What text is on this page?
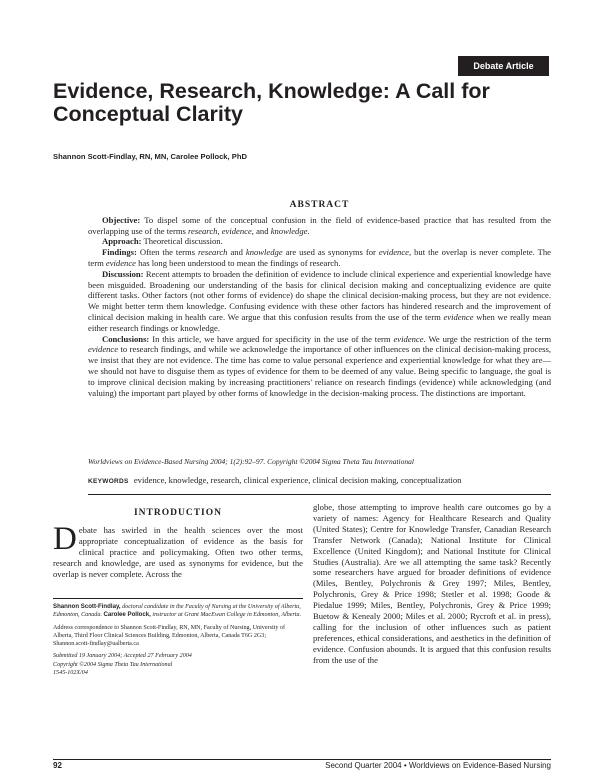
Debate Article
Evidence, Research, Knowledge: A Call for Conceptual Clarity
Shannon Scott-Findlay, RN, MN, Carolee Pollock, PhD
ABSTRACT

Objective: To dispel some of the conceptual confusion in the field of evidence-based practice that has resulted from the overlapping use of the terms research, evidence, and knowledge.

Approach: Theoretical discussion.

Findings: Often the terms research and knowledge are used as synonyms for evidence, but the overlap is never complete. The term evidence has long been understood to mean the findings of research.

Discussion: Recent attempts to broaden the definition of evidence to include clinical experience and experiential knowledge have been misguided. Broadening our understanding of the basis for clinical decision making and conceptualizing evidence are quite different tasks. Other factors (not other forms of evidence) do shape the clinical decision-making process, but they are not evidence. We might better term them knowledge. Confusing evidence with these other factors has hindered research and the improvement of clinical decision making in health care. We argue that this confusion results from the use of the term evidence when we really mean either research findings or knowledge.

Conclusions: In this article, we have argued for specificity in the use of the term evidence. We urge the restriction of the term evidence to research findings, and while we acknowledge the importance of other influences on the clinical decision-making process, we insist that they are not evidence. The time has come to value personal experience and experiential knowledge for what they are—we should not have to disguise them as types of evidence for them to be deemed of any value. Being specific to language, the goal is to improve clinical decision making by increasing practitioners' reliance on research findings (evidence) while acknowledging (and valuing) the important part played by other forms of knowledge in the decision-making process. The distinctions are important.

Worldviews on Evidence-Based Nursing 2004; 1(2):92–97. Copyright ©2004 Sigma Theta Tau International
KEYWORDS evidence, knowledge, research, clinical experience, clinical decision making, conceptualization
INTRODUCTION
D ebate has swirled in the health sciences over the most appropriate conceptualization of evidence as the basis for clinical practice and policymaking. Often two other terms, research and knowledge, are used as synonyms for evidence, but the overlap is never complete. Across the

Shannon Scott-Findlay, doctoral candidate in the Faculty of Nursing at the University of Alberta, Edmonton, Canada. Carolee Pollock, instructor at Grant MacEwan College in Edmonton, Alberta.

Address correspondence to Shannon Scott-Findlay, RN, MN, Faculty of Nursing, University of Alberta, Third Floor Clinical Sciences Building, Edmonton, Alberta, Canada T6G 2G3; Shannon.scott-findlay@ualberta.ca

Submitted 19 January 2004; Accepted 27 February 2004
Copyright ©2004 Sigma Theta Tau International
1545-102X/04

globe, those attempting to improve health care outcomes go by a variety of names: Agency for Healthcare Research and Quality (United States); Centre for Knowledge Transfer, Canadian Research Transfer Network (Canada); National Institute for Clinical Excellence (United Kingdom); and National Institute for Clinical Studies (Australia). Are we all attempting the same task? Recently some researchers have argued for broader definitions of evidence (Miles, Bentley, Polychronis & Grey 1997; Miles, Bentley, Polychronis, Grey & Price 1998; Stetler et al. 1998; Goode & Piedalue 1999; Miles, Bentley, Polychronis, Grey & Price 1999; Buetow & Kenealy 2000; Miles et al. 2000; Rycroft et al. in press), calling for the inclusion of other influences such as patient preferences, ethical considerations, and aesthetics in the definition of evidence. Confusion abounds. It is argued that this confusion results from the use of the
92	Second Quarter 2004 • Worldviews on Evidence-Based Nursing
